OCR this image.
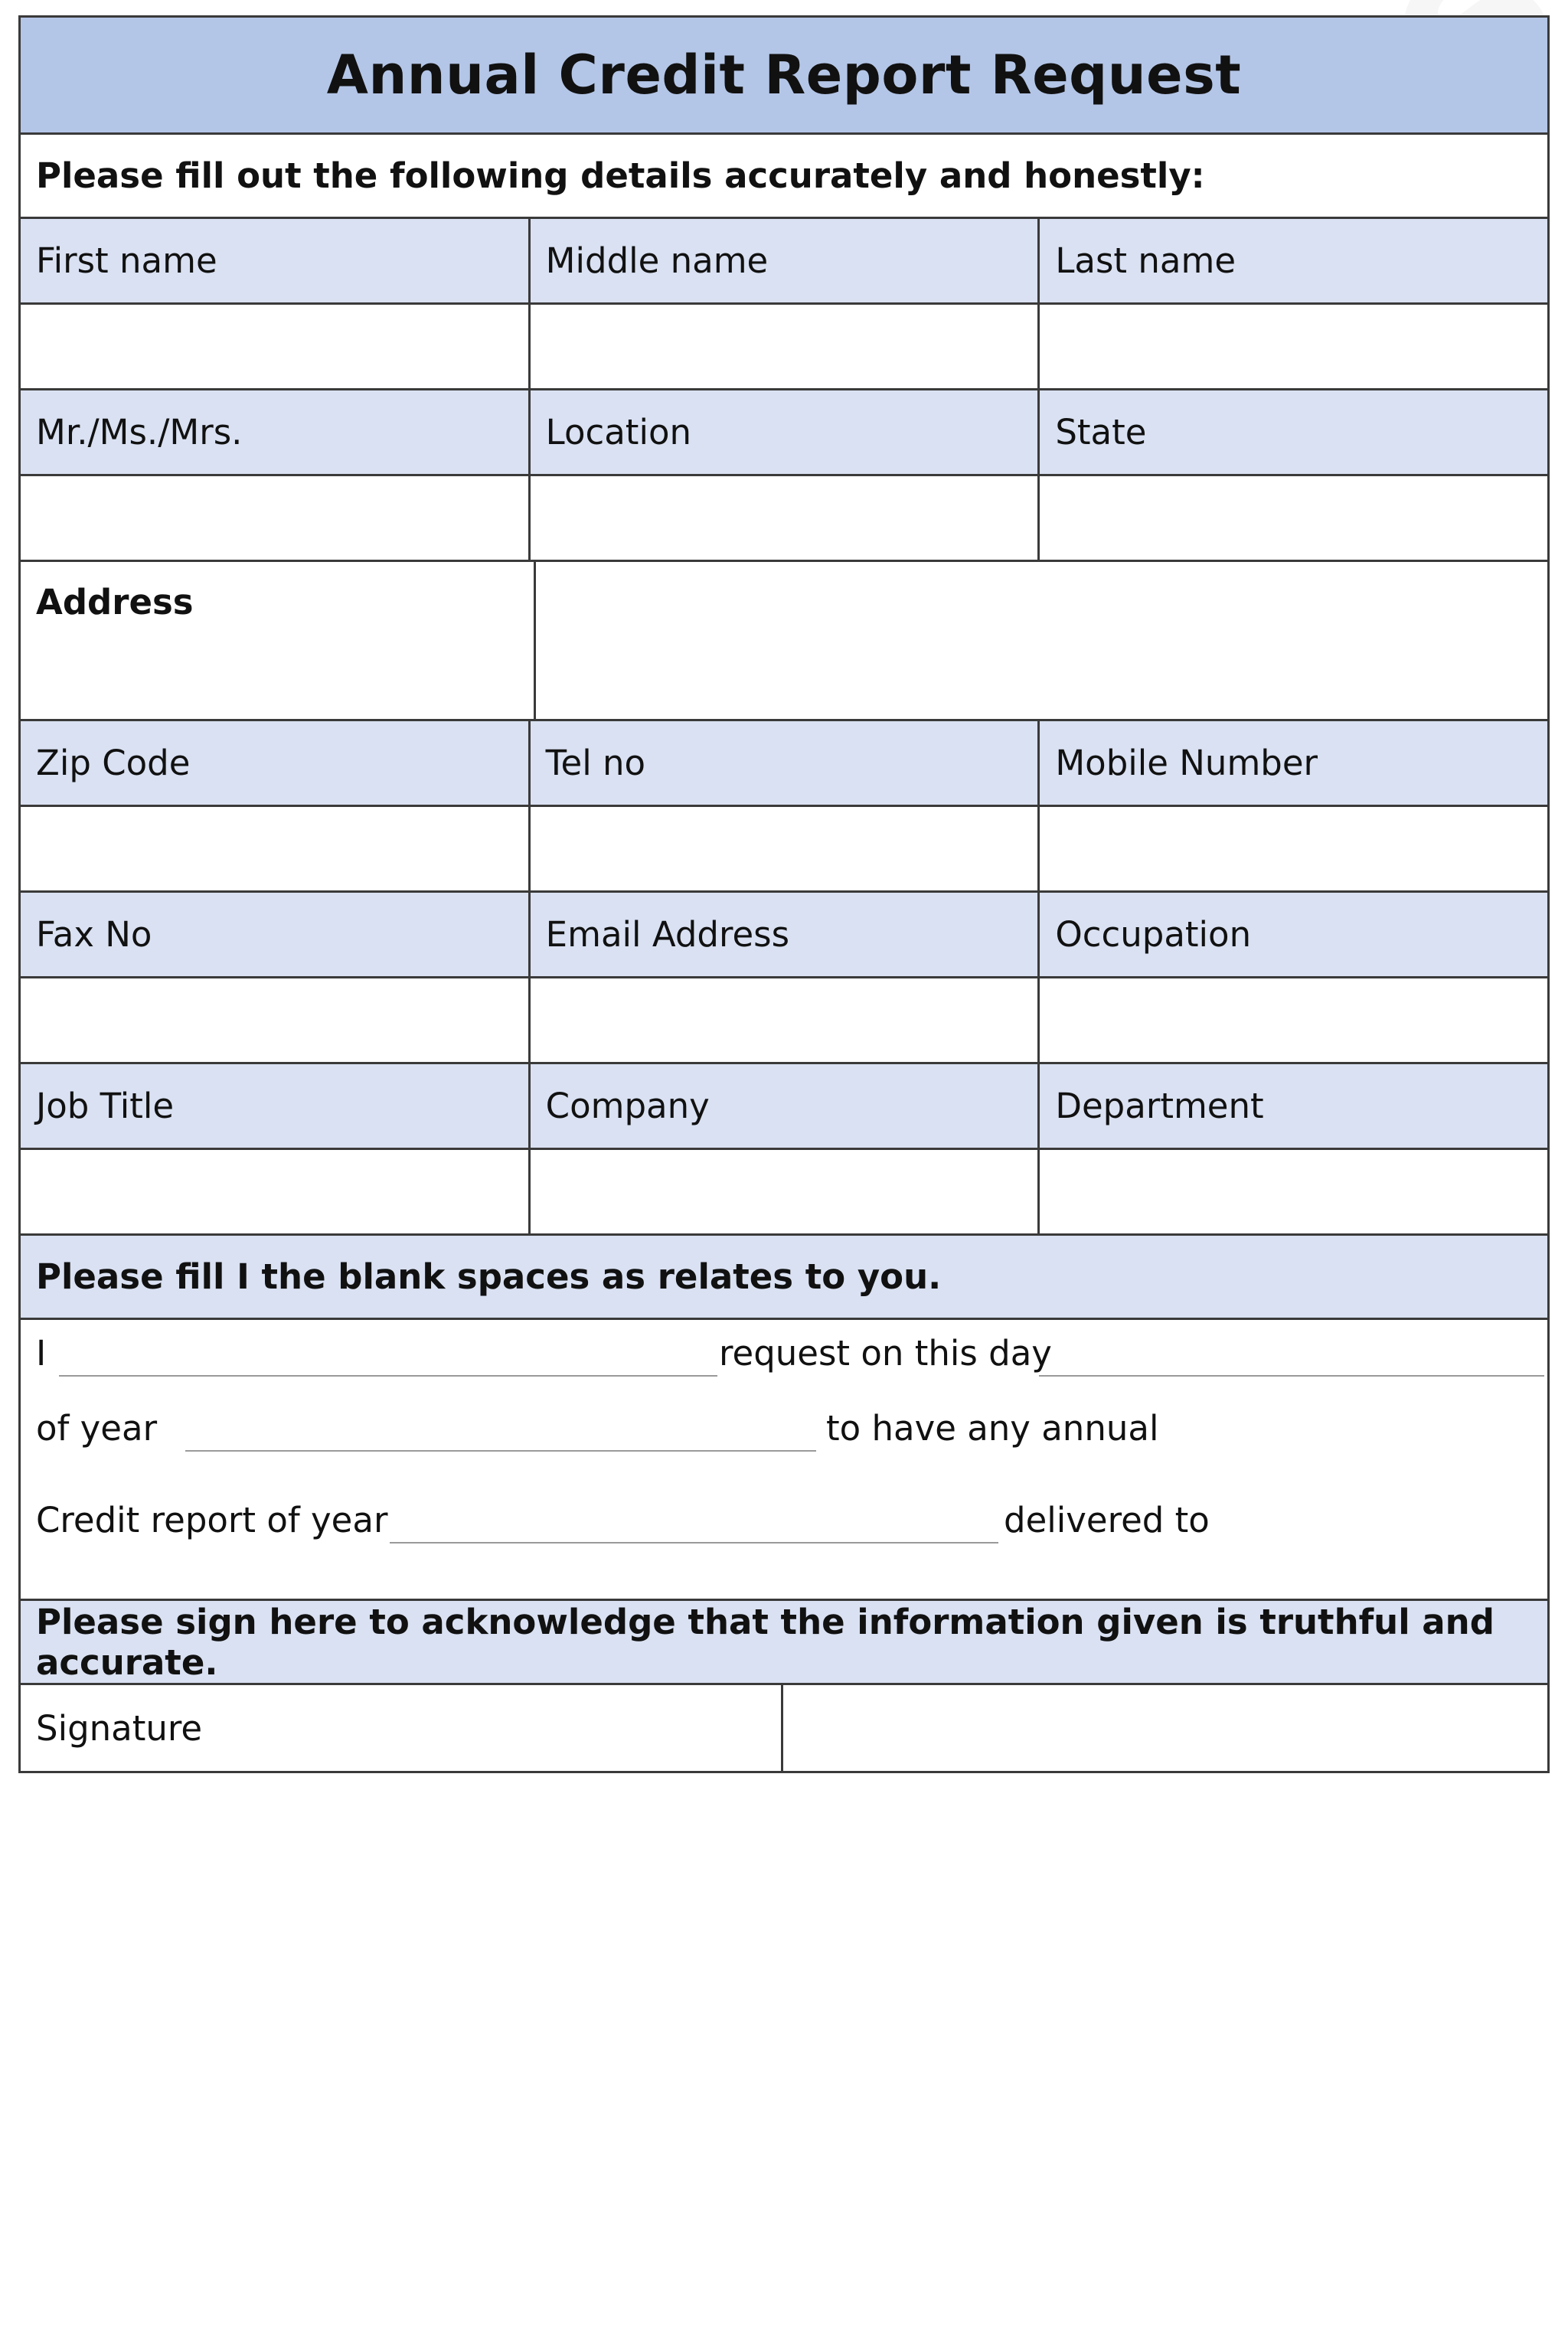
Annual Credit Report Request
Please fill out the following details accurately and honestly:
First name	Middle name	Last name
Mr./Ms./Mrs.	Location	State
Address
Zip Code	Tel no	Mobile Number
Fax No	Email Address	Occupation
Job Title	Company	Department
Please fill I the blank spaces as relates to you.
I	request on this day
of year	to have any annual
Credit report of year	delivered to
Please sign here to acknowledge that the information given is truthful and accurate.
Signature
